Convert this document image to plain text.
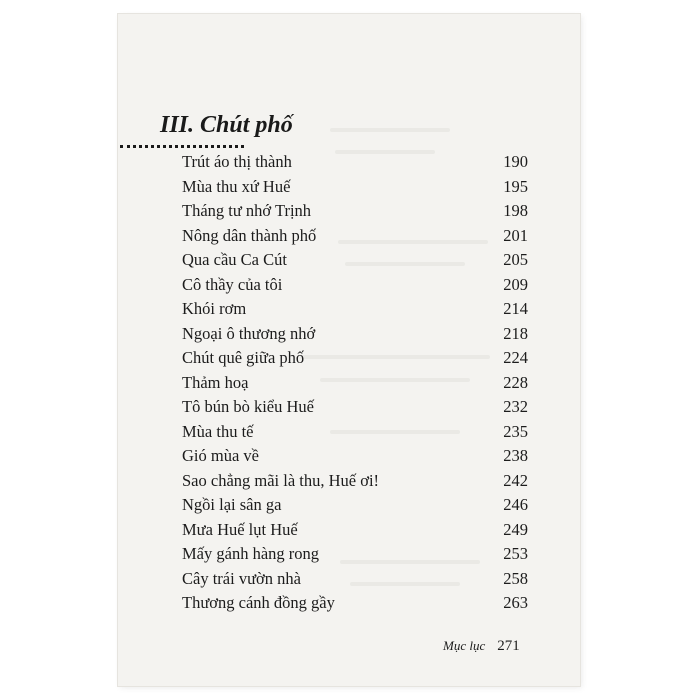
III. Chút phố
Trút áo thị thành	190
Mùa thu xứ Huế	195
Tháng tư nhớ Trịnh	198
Nông dân thành phố	201
Qua cầu Ca Cút	205
Cô thầy của tôi	209
Khói rơm	214
Ngoại ô thương nhớ	218
Chút quê giữa phố	224
Thảm hoạ	228
Tô bún bò kiểu Huế	232
Mùa thu tế	235
Gió mùa về	238
Sao chẳng mãi là thu, Huế ơi!	242
Ngồi lại sân ga	246
Mưa Huế lụt Huế	249
Mấy gánh hàng rong	253
Cây trái vườn nhà	258
Thương cánh đồng gầy	263
Mục lục 271
